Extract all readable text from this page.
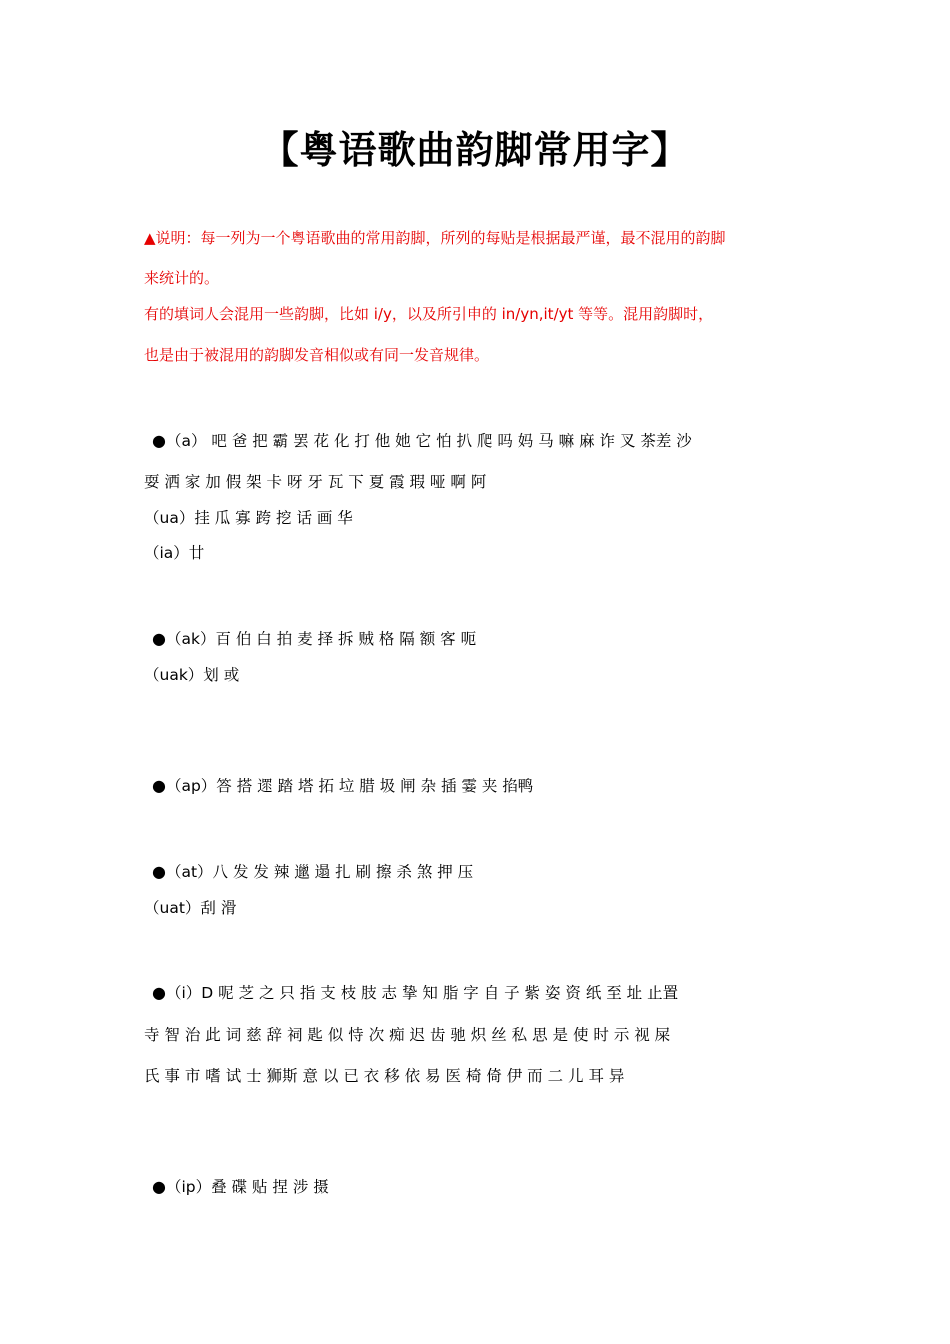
【粤语歌曲韵脚常用字】
▲说明：每一列为一个粤语歌曲的常用韵脚，所列的每贴是根据最严谨，最不混用的韵脚
来统计的。
有的填词人会混用一些韵脚，比如 i/y，以及所引申的 in/yn,it/yt 等等。混用韵脚时，
也是由于被混用的韵脚发音相似或有同一发音规律。
●（a） 吧 爸 把 霸 罢 花 化 打 他 她 它 怕 扒 爬 吗 妈 马 嘛 麻 诈 叉 茶差 沙
耍 洒 家 加 假 架 卡 呀 牙 瓦 下 夏 霞 瑕 哑 啊 阿
（ua）挂 瓜 寡 跨 挖 话 画 华
（ia）廿
●（ak）百 伯 白 拍 麦 择 拆 贼 格 隔 额 客 呃
（uak）划 或
●（ap）答 搭 遝 踏 塔 拓 垃 腊 圾 闸 杂 插 霎 夹 掐鸭
●（at）八 发 发 辣 邋 遢 扎 刷 擦 杀 煞 押 压
（uat）刮 滑
●（i）D 呢 芝 之 只 指 支 枝 肢 志 挚 知 脂 字 自 子 紫 姿 资 纸 至 址 止置
寺 智 治 此 词 慈 辞 祠 匙 似 恃 次 痴 迟 齿 驰 炽 丝 私 思 是 使 时 示 视 屎
氏 事 市 嗜 试 士 狮斯 意 以 已 衣 移 依 易 医 椅 倚 伊 而 二 儿 耳 异
●（ip）叠 碟 贴 捏 涉 摄
